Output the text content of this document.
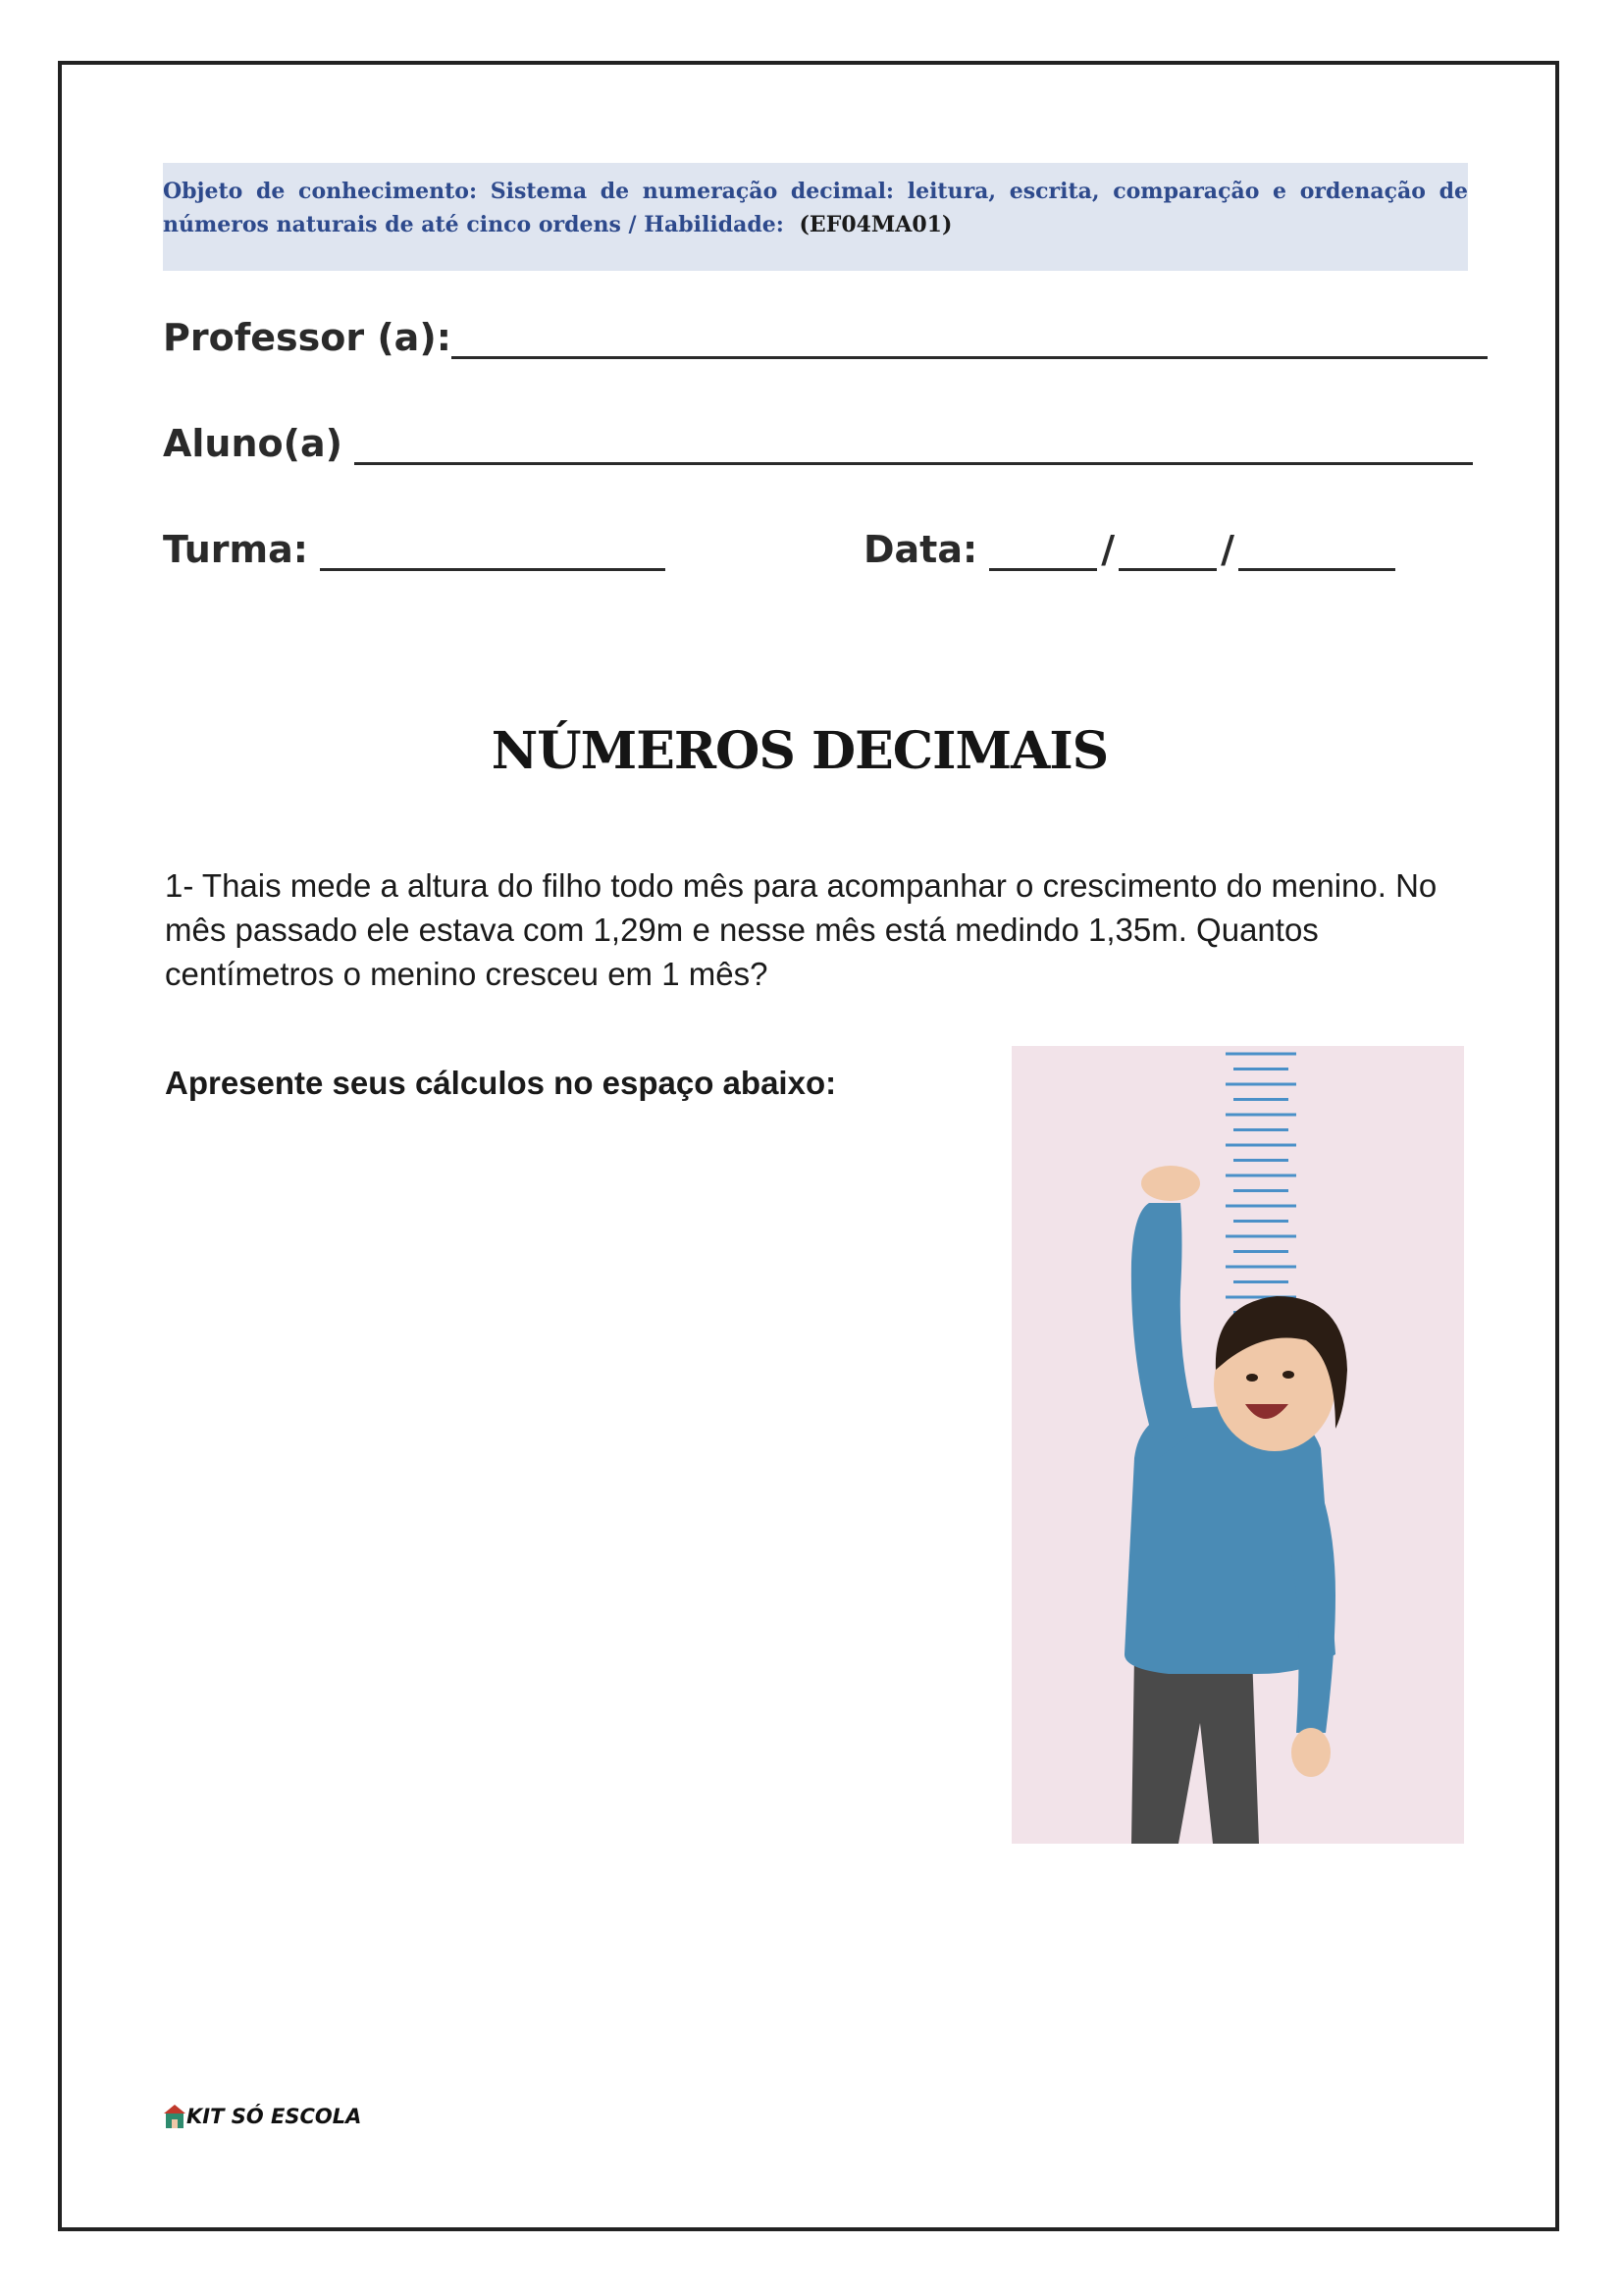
Objeto de conhecimento: Sistema de numeração decimal: leitura, escrita, comparação e ordenação de números naturais de até cinco ordens / Habilidade: (EF04MA01)
Professor (a):
Aluno(a)
Turma:	Data:	/	/
NÚMEROS DECIMAIS
1- Thais mede a altura do filho todo mês para acompanhar o crescimento do menino. No mês passado ele estava com 1,29m e nesse mês está medindo 1,35m. Quantos centímetros o menino cresceu em 1 mês?
Apresente seus cálculos no espaço abaixo:
KIT SÓ ESCOLA
